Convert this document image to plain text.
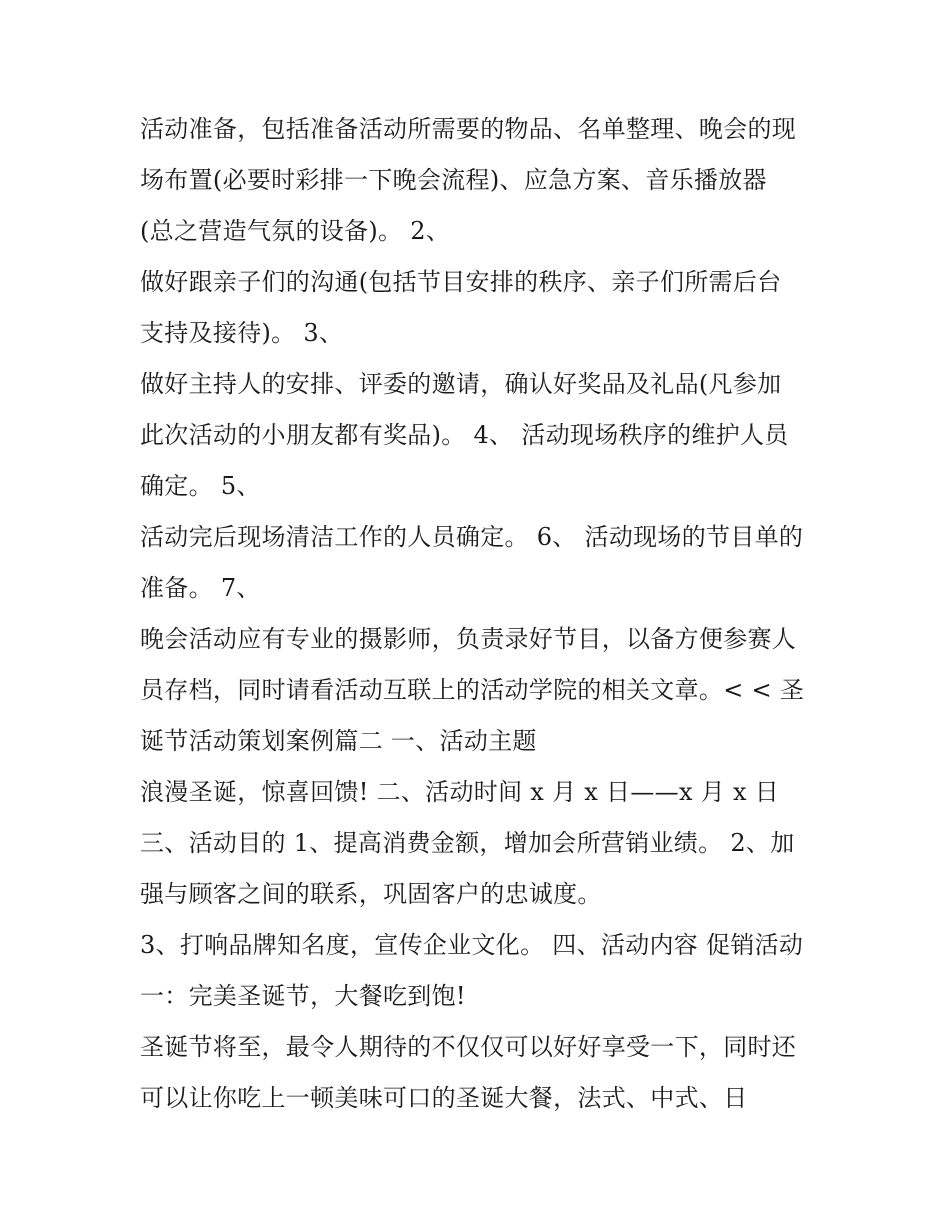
活动准备，包括准备活动所需要的物品、名单整理、晚会的现
场布置(必要时彩排一下晚会流程)、应急方案、音乐播放器
(总之营造气氛的设备)。 2、
做好跟亲子们的沟通(包括节目安排的秩序、亲子们所需后台
支持及接待)。 3、
做好主持人的安排、评委的邀请，确认好奖品及礼品(凡参加
此次活动的小朋友都有奖品)。 4、 活动现场秩序的维护人员
确定。 5、
活动完后现场清洁工作的人员确定。 6、 活动现场的节目单的
准备。 7、
晚会活动应有专业的摄影师，负责录好节目，以备方便参赛人
员存档，同时请看活动互联上的活动学院的相关文章。< < 圣
诞节活动策划案例篇二 一、活动主题
浪漫圣诞，惊喜回馈! 二、活动时间 x 月 x 日——x 月 x 日
三、活动目的 1、提高消费金额，增加会所营销业绩。 2、加
强与顾客之间的联系，巩固客户的忠诚度。
3、打响品牌知名度，宣传企业文化。 四、活动内容 促销活动
一：完美圣诞节，大餐吃到饱!
圣诞节将至，最令人期待的不仅仅可以好好享受一下，同时还
可以让你吃上一顿美味可口的圣诞大餐，法式、中式、日
